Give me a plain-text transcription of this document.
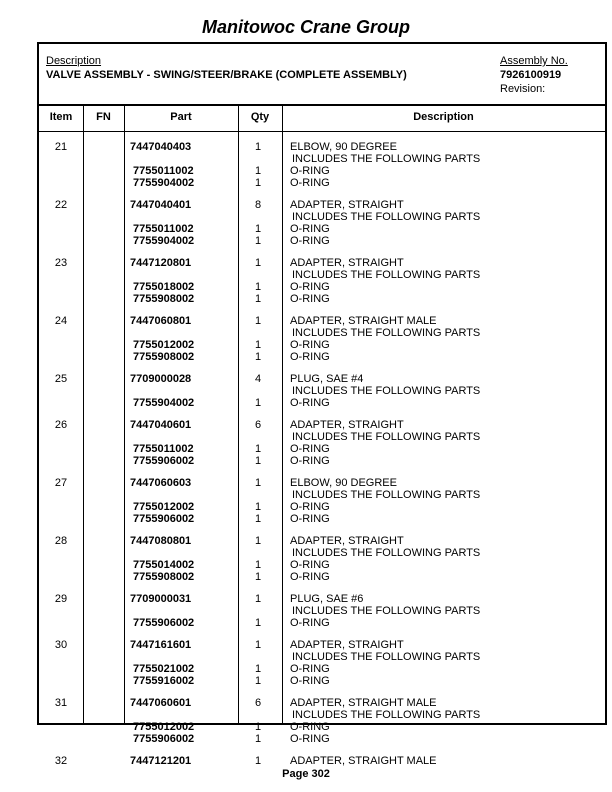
Manitowoc Crane Group
Description
VALVE ASSEMBLY - SWING/STEER/BRAKE (COMPLETE ASSEMBLY)
Assembly No.
7926100919
Revision:
Item	FN	Part	Qty	Description
21	7447040403	1	ELBOW, 90 DEGREE
INCLUDES THE FOLLOWING PARTS
7755011002	1	O-RING
7755904002	1	O-RING
22	7447040401	8	ADAPTER, STRAIGHT
INCLUDES THE FOLLOWING PARTS
7755011002	1	O-RING
7755904002	1	O-RING
23	7447120801	1	ADAPTER, STRAIGHT
INCLUDES THE FOLLOWING PARTS
7755018002	1	O-RING
7755908002	1	O-RING
24	7447060801	1	ADAPTER, STRAIGHT MALE
INCLUDES THE FOLLOWING PARTS
7755012002	1	O-RING
7755908002	1	O-RING
25	7709000028	4	PLUG, SAE #4
INCLUDES THE FOLLOWING PARTS
7755904002	1	O-RING
26	7447040601	6	ADAPTER, STRAIGHT
INCLUDES THE FOLLOWING PARTS
7755011002	1	O-RING
7755906002	1	O-RING
27	7447060603	1	ELBOW, 90 DEGREE
INCLUDES THE FOLLOWING PARTS
7755012002	1	O-RING
7755906002	1	O-RING
28	7447080801	1	ADAPTER, STRAIGHT
INCLUDES THE FOLLOWING PARTS
7755014002	1	O-RING
7755908002	1	O-RING
29	7709000031	1	PLUG, SAE #6
INCLUDES THE FOLLOWING PARTS
7755906002	1	O-RING
30	7447161601	1	ADAPTER, STRAIGHT
INCLUDES THE FOLLOWING PARTS
7755021002	1	O-RING
7755916002	1	O-RING
31	7447060601	6	ADAPTER, STRAIGHT MALE
INCLUDES THE FOLLOWING PARTS
7755012002	1	O-RING
7755906002	1	O-RING
32	7447121201	1	ADAPTER, STRAIGHT MALE
Page 302
